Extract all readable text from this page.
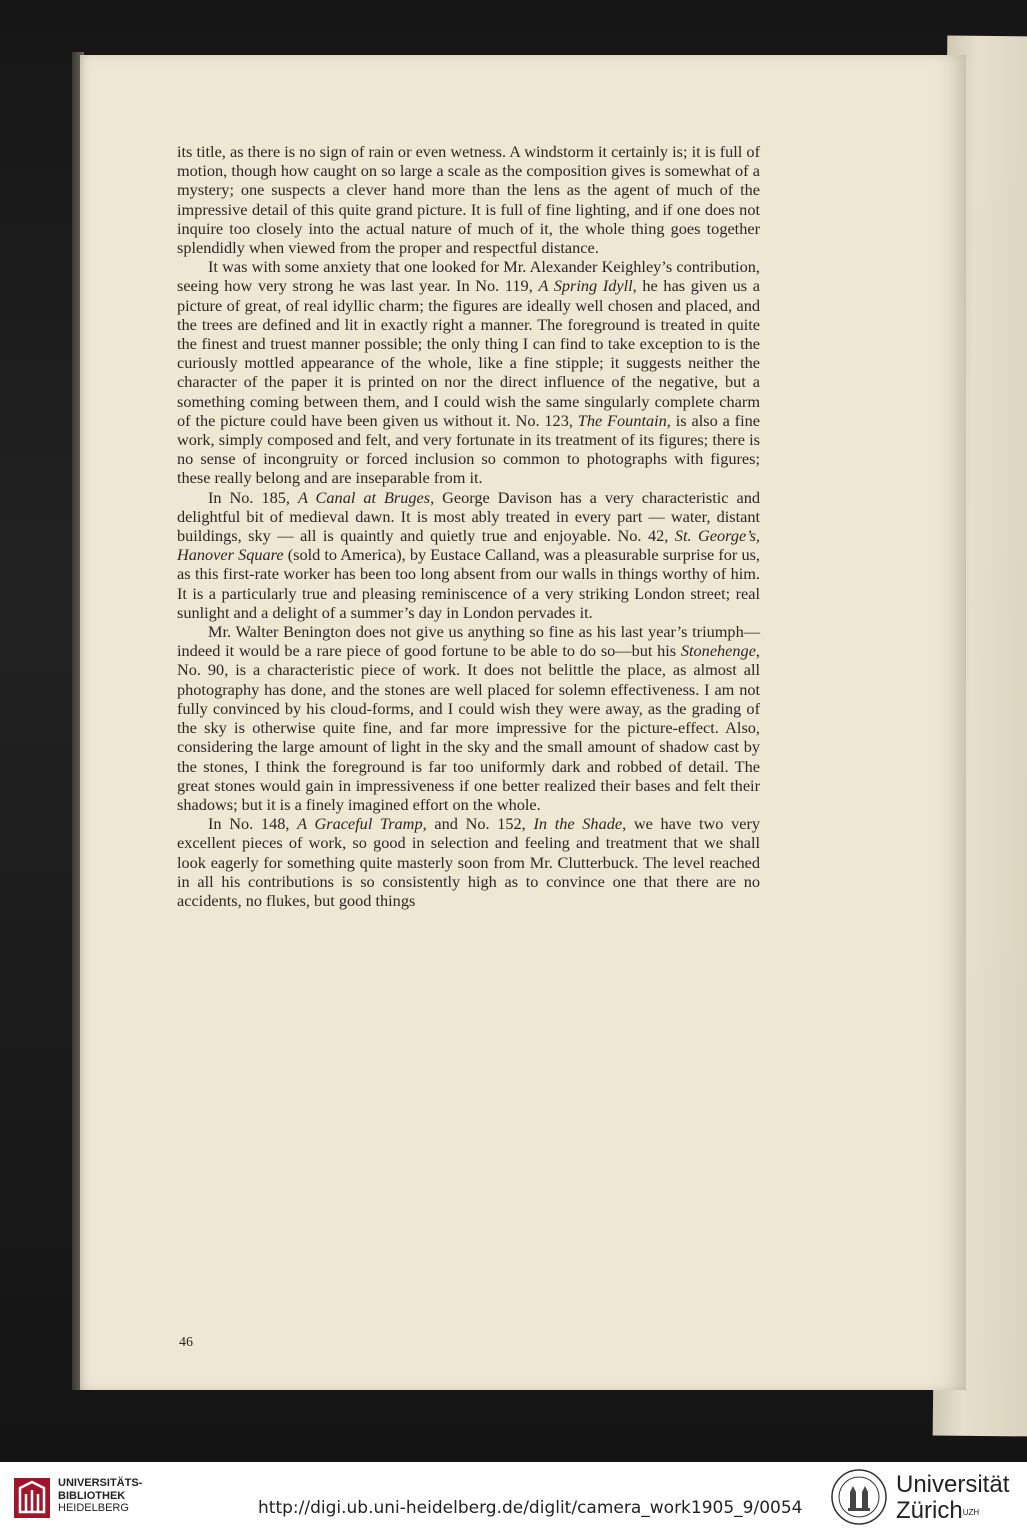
its title, as there is no sign of rain or even wetness. A windstorm it certainly is; it is full of motion, though how caught on so large a scale as the composition gives is somewhat of a mystery; one suspects a clever hand more than the lens as the agent of much of the impressive detail of this quite grand picture. It is full of fine lighting, and if one does not inquire too closely into the actual nature of much of it, the whole thing goes together splendidly when viewed from the proper and respectful distance.

It was with some anxiety that one looked for Mr. Alexander Keighley’s contribution, seeing how very strong he was last year. In No. 119, A Spring Idyll, he has given us a picture of great, of real idyllic charm; the figures are ideally well chosen and placed, and the trees are defined and lit in exactly right a manner. The foreground is treated in quite the finest and truest manner possible; the only thing I can find to take exception to is the curiously mottled appearance of the whole, like a fine stipple; it suggests neither the character of the paper it is printed on nor the direct influence of the negative, but a something coming between them, and I could wish the same singularly complete charm of the picture could have been given us without it. No. 123, The Fountain, is also a fine work, simply composed and felt, and very fortunate in its treatment of its figures; there is no sense of incongruity or forced inclusion so common to photographs with figures; these really belong and are inseparable from it.

In No. 185, A Canal at Bruges, George Davison has a very characteristic and delightful bit of medieval dawn. It is most ably treated in every part — water, distant buildings, sky — all is quaintly and quietly true and enjoyable. No. 42, St. George’s, Hanover Square (sold to America), by Eustace Calland, was a pleasurable surprise for us, as this first-rate worker has been too long absent from our walls in things worthy of him. It is a particularly true and pleasing reminiscence of a very striking London street; real sunlight and a delight of a summer’s day in London pervades it.

Mr. Walter Benington does not give us anything so fine as his last year’s triumph—indeed it would be a rare piece of good fortune to be able to do so—but his Stonehenge, No. 90, is a characteristic piece of work. It does not belittle the place, as almost all photography has done, and the stones are well placed for solemn effectiveness. I am not fully convinced by his cloud-forms, and I could wish they were away, as the grading of the sky is otherwise quite fine, and far more impressive for the picture-effect. Also, considering the large amount of light in the sky and the small amount of shadow cast by the stones, I think the foreground is far too uniformly dark and robbed of detail. The great stones would gain in impressiveness if one better realized their bases and felt their shadows; but it is a finely imagined effort on the whole.

In No. 148, A Graceful Tramp, and No. 152, In the Shade, we have two very excellent pieces of work, so good in selection and feeling and treatment that we shall look eagerly for something quite masterly soon from Mr. Clutterbuck. The level reached in all his contributions is so consistently high as to convince one that there are no accidents, no flukes, but good things

46
UNIVERSITÄTS-
BIBLIOTHEK
HEIDELBERG	http://digi.ub.uni-heidelberg.de/diglit/camera_work1905_9/0054
Universität
Zürich$^{UZH}$
